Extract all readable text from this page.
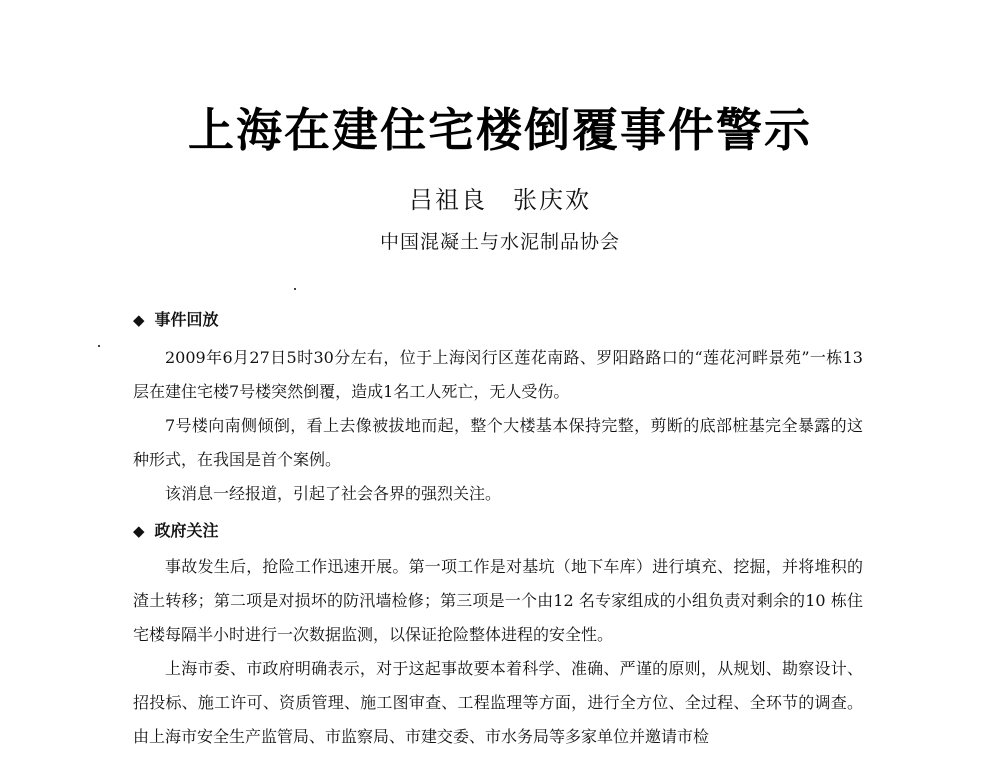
上海在建住宅楼倒覆事件警示
吕祖良 张庆欢
中国混凝土与水泥制品协会
◆ 事件回放

2009年6月27日5时30分左右，位于上海闵行区莲花南路、罗阳路路口的“莲花河畔景苑”一栋13层在建住宅楼7号楼突然倒覆，造成1名工人死亡，无人受伤。

7号楼向南侧倾倒，看上去像被拔地而起，整个大楼基本保持完整，剪断的底部桩基完全暴露的这种形式，在我国是首个案例。

该消息一经报道，引起了社会各界的强烈关注。

◆ 政府关注

事故发生后，抢险工作迅速开展。第一项工作是对基坑（地下车库）进行填充、挖掘，并将堆积的渣土转移；第二项是对损坏的防汛墙检修；第三项是一个由12 名专家组成的小组负责对剩余的10 栋住宅楼每隔半小时进行一次数据监测，以保证抢险整体进程的安全性。

上海市委、市政府明确表示，对于这起事故要本着科学、准确、严谨的原则，从规划、勘察设计、招投标、施工许可、资质管理、施工图审查、工程监理等方面，进行全方位、全过程、全环节的调查。由上海市安全生产监管局、市监察局、市建交委、市水务局等多家单位并邀请市检
